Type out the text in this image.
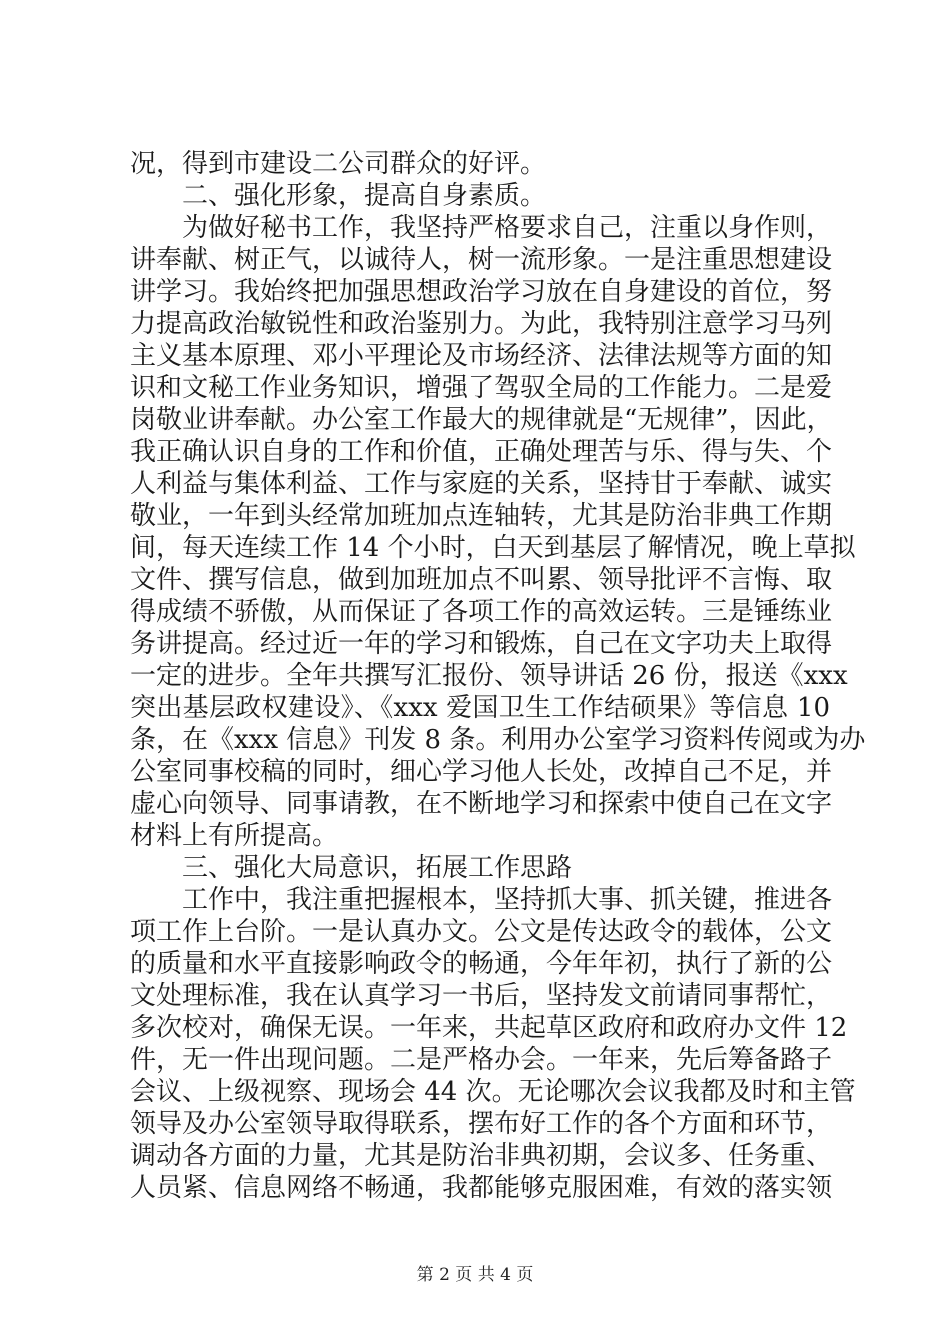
况，得到市建设二公司群众的好评。
二、强化形象，提高自身素质。
为做好秘书工作，我坚持严格要求自己，注重以身作则，
讲奉献、树正气，以诚待人，树一流形象。一是注重思想建设
讲学习。我始终把加强思想政治学习放在自身建设的首位，努
力提高政治敏锐性和政治鉴别力。为此，我特别注意学习马列
主义基本原理、邓小平理论及市场经济、法律法规等方面的知
识和文秘工作业务知识，增强了驾驭全局的工作能力。二是爱
岗敬业讲奉献。办公室工作最大的规律就是“无规律”，因此，
我正确认识自身的工作和价值，正确处理苦与乐、得与失、个
人利益与集体利益、工作与家庭的关系，坚持甘于奉献、诚实
敬业，一年到头经常加班加点连轴转，尤其是防治非典工作期
间，每天连续工作 14 个小时，白天到基层了解情况，晚上草拟
文件、撰写信息，做到加班加点不叫累、领导批评不言悔、取
得成绩不骄傲，从而保证了各项工作的高效运转。三是锤练业
务讲提高。经过近一年的学习和锻炼，自己在文字功夫上取得
一定的进步。全年共撰写汇报份、领导讲话 26 份，报送《xxx
突出基层政权建设》、《xxx 爱国卫生工作结硕果》等信息 10
条，在《xxx 信息》刊发 8 条。利用办公室学习资料传阅或为办
公室同事校稿的同时，细心学习他人长处，改掉自己不足，并
虚心向领导、同事请教，在不断地学习和探索中使自己在文字
材料上有所提高。
三、强化大局意识，拓展工作思路
工作中，我注重把握根本，坚持抓大事、抓关键，推进各
项工作上台阶。一是认真办文。公文是传达政令的载体，公文
的质量和水平直接影响政令的畅通，今年年初，执行了新的公
文处理标准，我在认真学习一书后，坚持发文前请同事帮忙，
多次校对，确保无误。一年来，共起草区政府和政府办文件 12
件，无一件出现问题。二是严格办会。一年来，先后筹备路子
会议、上级视察、现场会 44 次。无论哪次会议我都及时和主管
领导及办公室领导取得联系，摆布好工作的各个方面和环节，
调动各方面的力量，尤其是防治非典初期，会议多、任务重、
人员紧、信息网络不畅通，我都能够克服困难，有效的落实领
第 2 页 共 4 页
